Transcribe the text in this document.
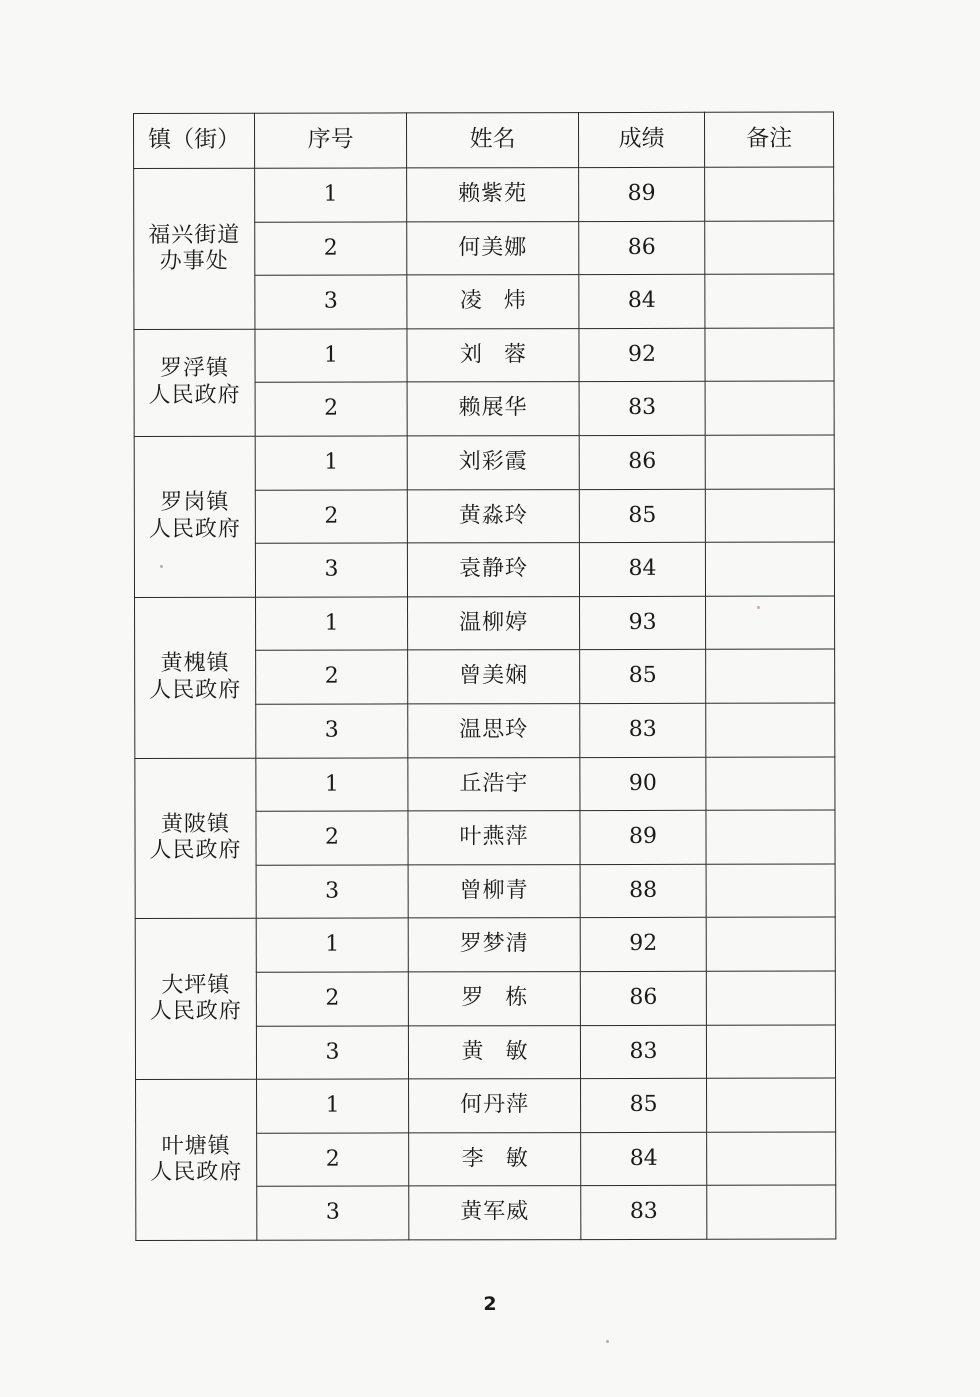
镇（街）	序号	姓名	成绩	备注

福兴街道
办事处	1	赖紫苑	89	
	2	何美娜	86	
	3	凌炜	84	

罗浮镇
人民政府	1	刘蓉	92	
	2	赖展华	83	

罗岗镇
人民政府	1	刘彩霞	86	
	2	黄淼玲	85	
	3	袁静玲	84	

黄槐镇
人民政府	1	温柳婷	93	
	2	曾美娴	85	
	3	温思玲	83	

黄陂镇
人民政府	1	丘浩宇	90	
	2	叶燕萍	89	
	3	曾柳青	88	

大坪镇
人民政府	1	罗梦清	92	
	2	罗栋	86	
	3	黄敏	83	

叶塘镇
人民政府	1	何丹萍	85	
	2	李敏	84	
	3	黄军威	83	
2
